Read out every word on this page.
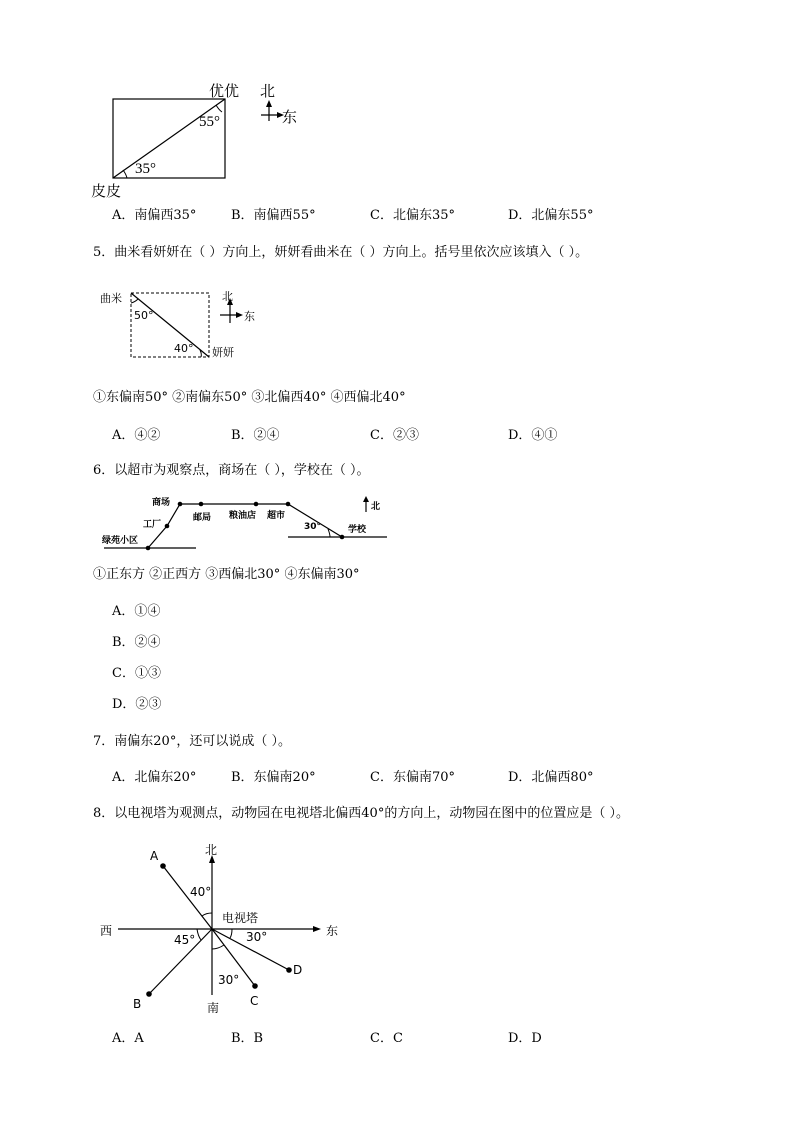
优优 北
东
55°
35°
皮皮
A．南偏西35°	B．南偏西55°	C．北偏东35°	D．北偏东55°
5．曲米看妍妍在（ ）方向上，妍妍看曲米在（ ）方向上。括号里依次应该填入（ ）。
曲米
50°
40° 妍妍
北
东
①东偏南50° ②南偏东50° ③北偏西40° ④西偏北40°
A．④②	B．②④	C．②③	D．④①
6．以超市为观察点，商场在（ ），学校在（ ）。
商场
邮局 粮油店 超市
工厂
绿苑小区
学校
北
30°
①正东方 ②正西方 ③西偏北30° ④东偏南30°
A．①④
B．②④
C．①③
D．②③
7．南偏东20°，还可以说成（ ）。
A．北偏东20°	B．东偏南20°	C．东偏南70°	D．北偏西80°
8．以电视塔为观测点，动物园在电视塔北偏西40°的方向上，动物园在图中的位置应是（ ）。
北
南
西	东
电视塔
A
B	C
D
40°
45°	30°
30°
A．A	B．B	C．C	D．D
